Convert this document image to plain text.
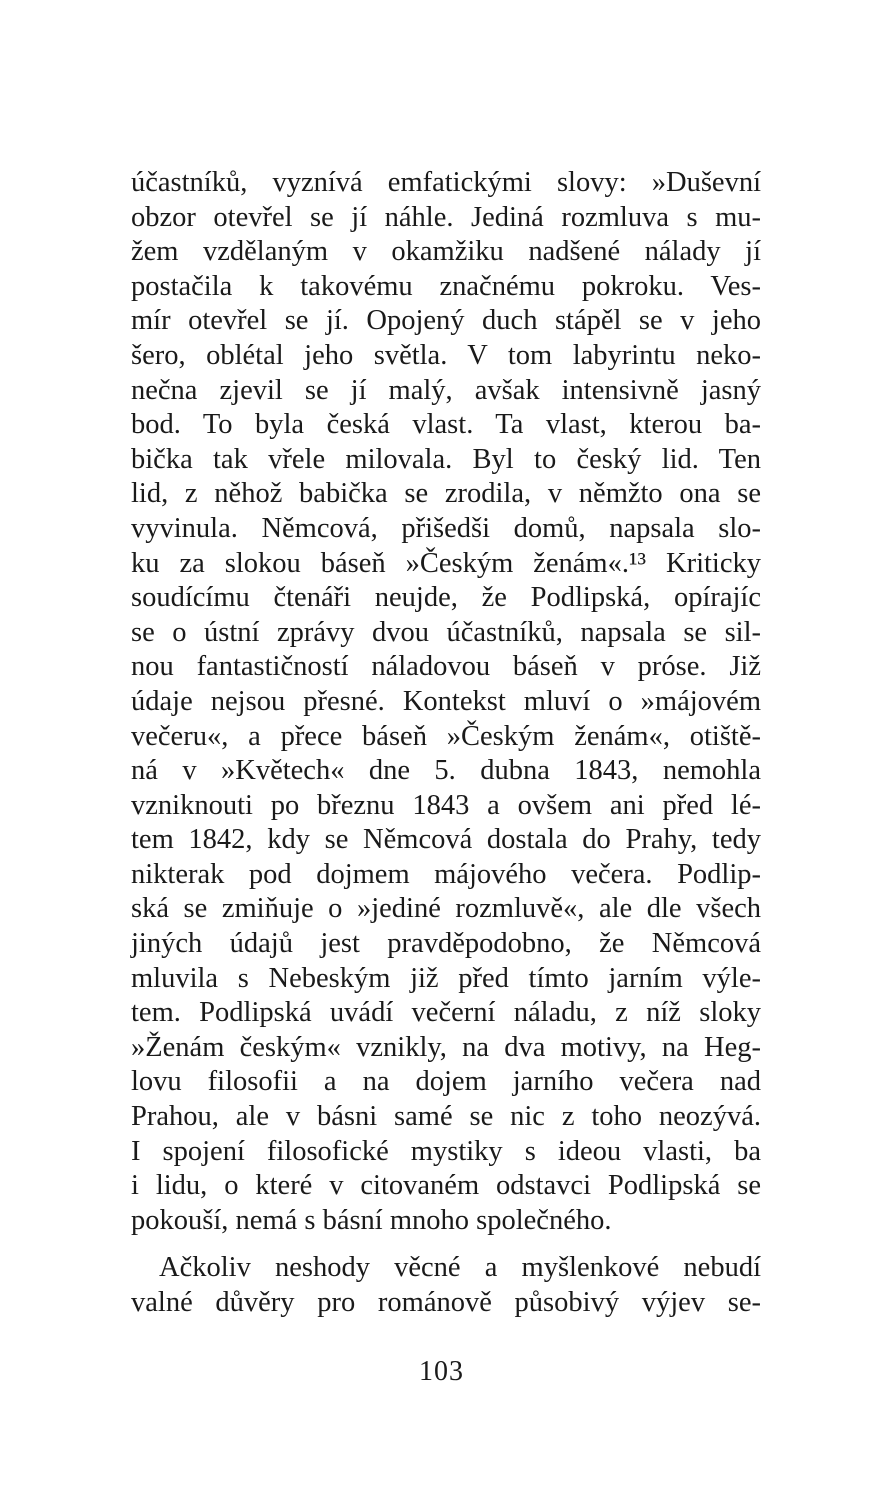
účastníků, vyznívá emfatickými slovy: »Duševní
obzor otevřel se jí náhle. Jediná rozmluva s mu-
žem vzdělaným v okamžiku nadšené nálady jí
postačila k takovému značnému pokroku. Ves-
mír otevřel se jí. Opojený duch stápěl se v jeho
šero, oblétal jeho světla. V tom labyrintu neko-
nečna zjevil se jí malý, avšak intensivně jasný
bod. To byla česká vlast. Ta vlast, kterou ba-
bička tak vřele milovala. Byl to český lid. Ten
lid, z něhož babička se zrodila, v němžto ona se
vyvinula. Němcová, přišedši domů, napsala slo-
ku za slokou báseň »Českým ženám«.¹³ Kriticky
soudícímu čtenáři neujde, že Podlipská, opírajíc
se o ústní zprávy dvou účastníků, napsala se sil-
nou fantastičností náladovou báseň v próse. Již
údaje nejsou přesné. Kontekst mluví o »májovém
večeru«, a přece báseň »Českým ženám«, otiště-
ná v »Květech« dne 5. dubna 1843, nemohla
vzniknouti po březnu 1843 a ovšem ani před lé-
tem 1842, kdy se Němcová dostala do Prahy, tedy
nikterak pod dojmem májového večera. Podlip-
ská se zmiňuje o »jediné rozmluvě«, ale dle všech
jiných údajů jest pravděpodobno, že Němcová
mluvila s Nebeským již před tímto jarním výle-
tem. Podlipská uvádí večerní náladu, z níž sloky
»Ženám českým« vznikly, na dva motivy, na Heg-
lovu filosofii a na dojem jarního večera nad
Prahou, ale v básni samé se nic z toho neozývá.
I spojení filosofické mystiky s ideou vlasti, ba
i lidu, o které v citovaném odstavci Podlipská se
pokouší, nemá s básní mnoho společného.
Ačkoliv neshody věcné a myšlenkové nebudí
valné důvěry pro románově působivý výjev se-
103
